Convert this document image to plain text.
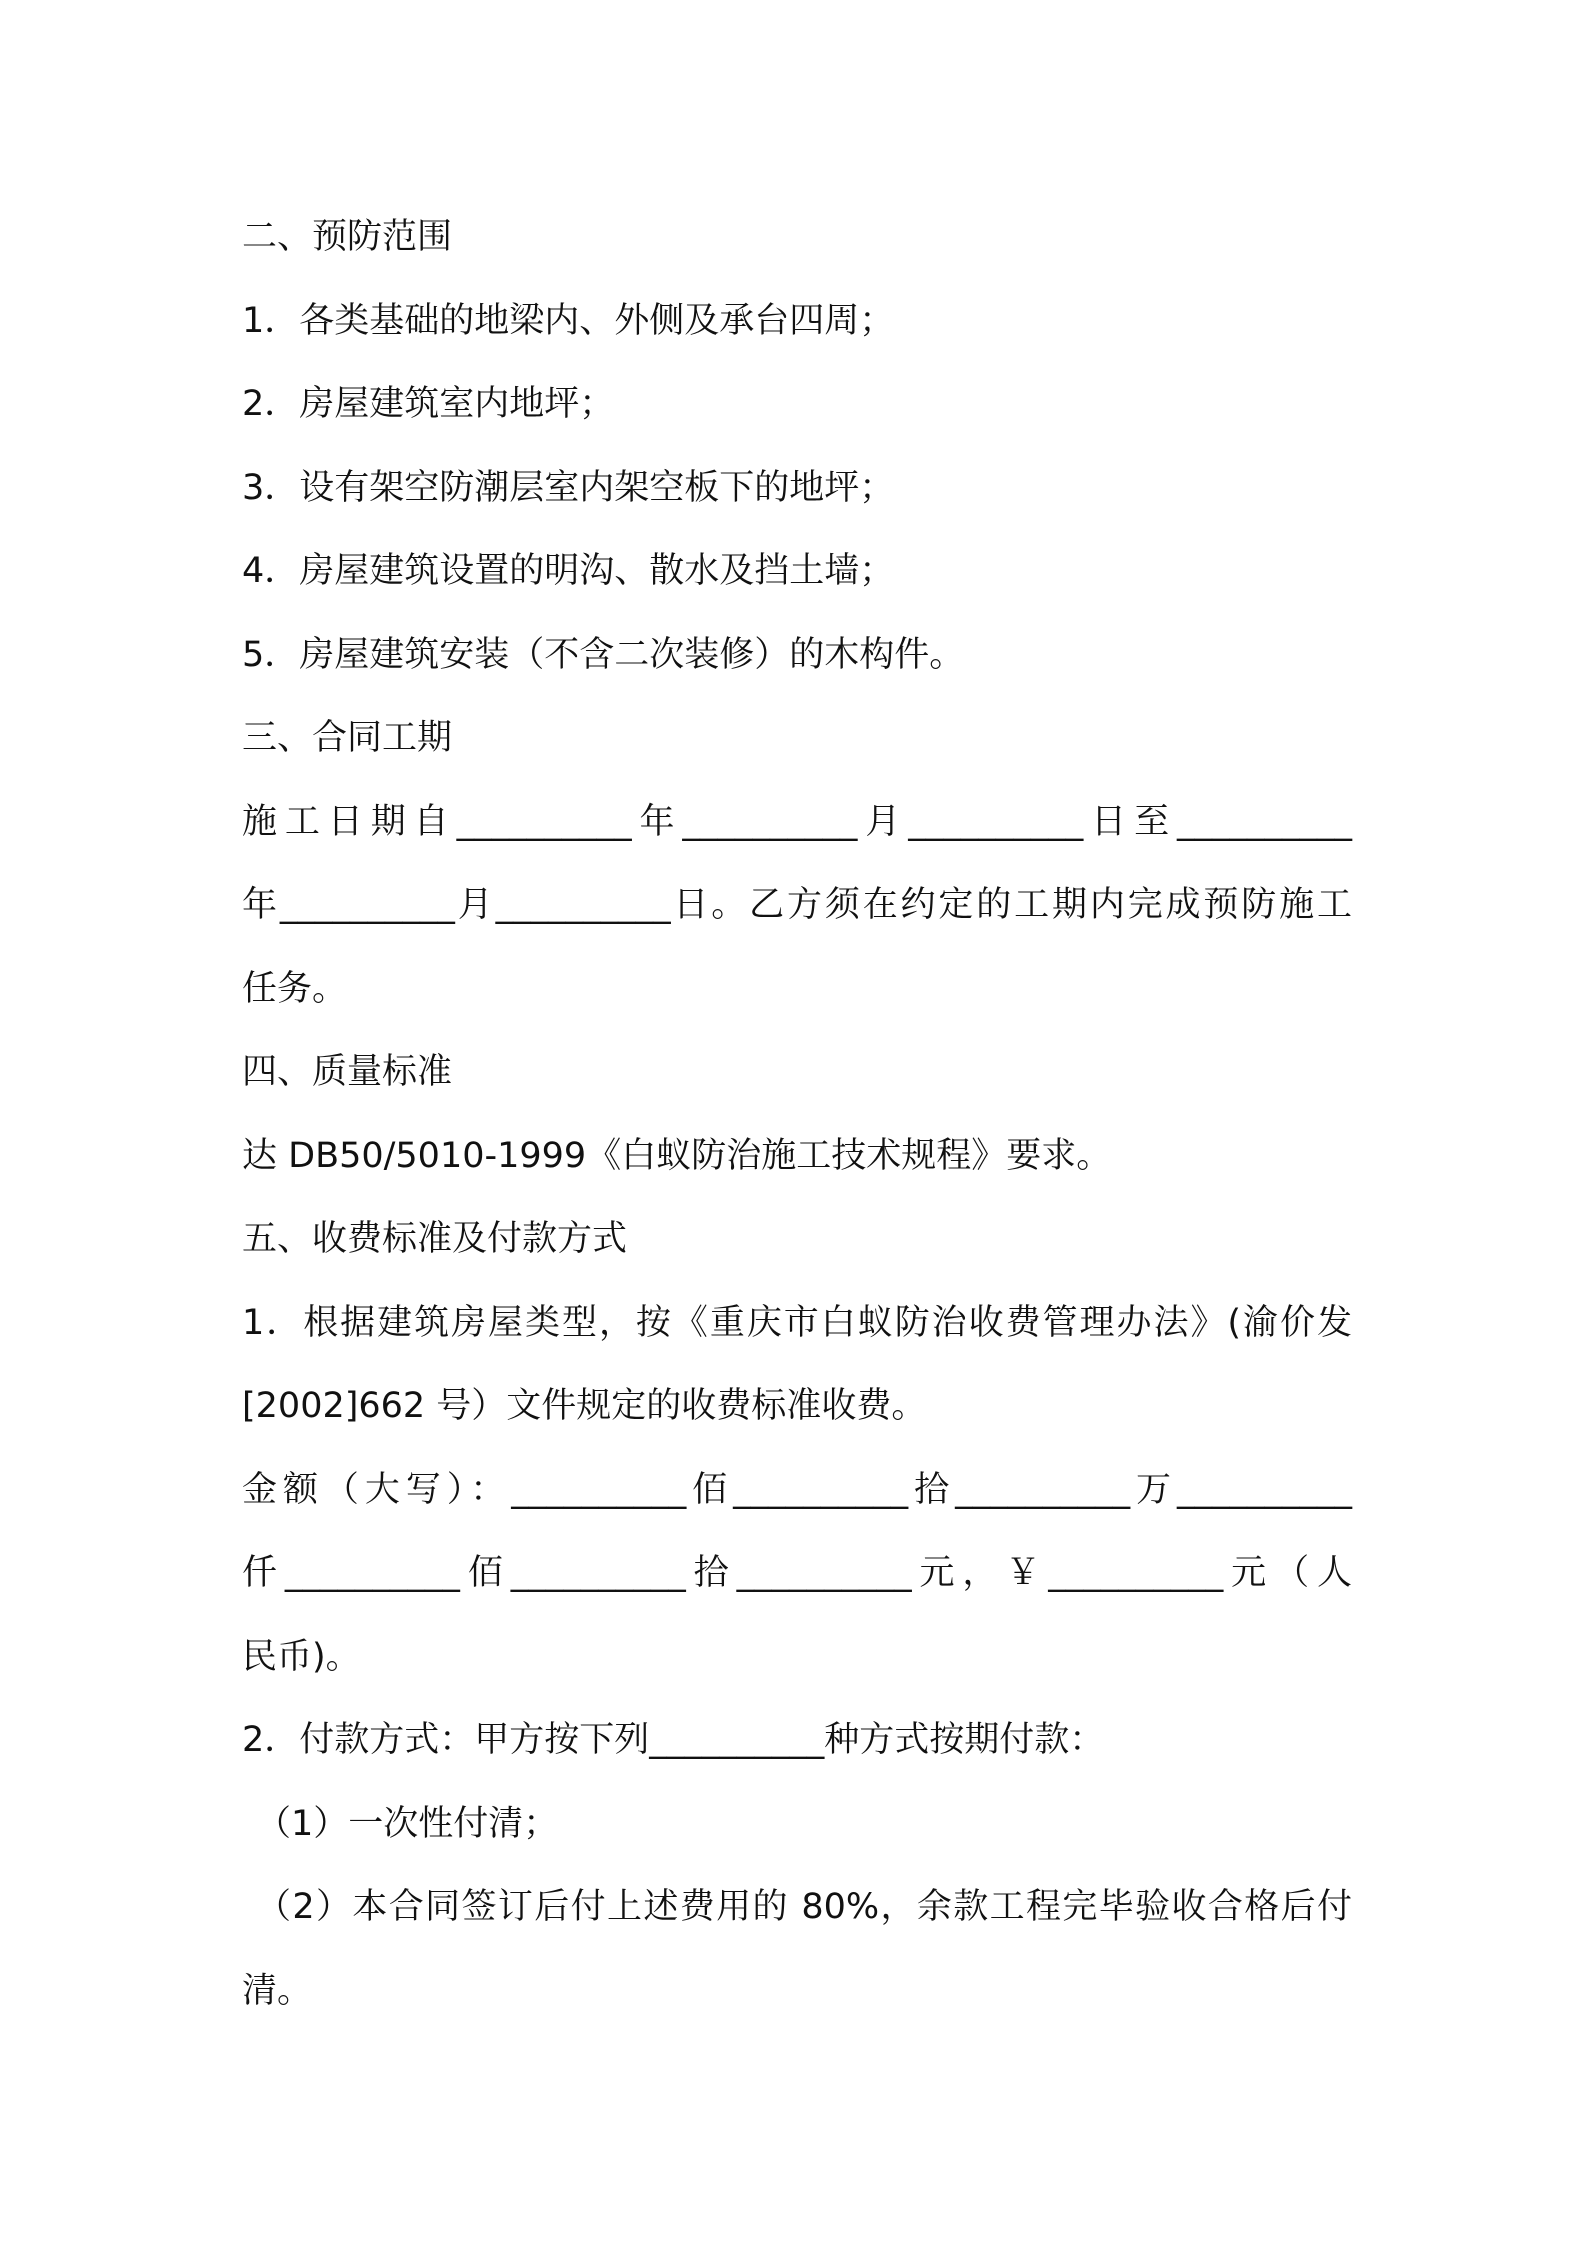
二、预防范围
1．各类基础的地梁内、外侧及承台四周；
2．房屋建筑室内地坪；
3．设有架空防潮层室内架空板下的地坪；
4．房屋建筑设置的明沟、散水及挡土墙；
5．房屋建筑安装（不含二次装修）的木构件。
三、合同工期
施工日期自__________年__________月__________日至__________
年__________月__________日。乙方须在约定的工期内完成预防施工
任务。
四、质量标准
达 DB50/5010-1999《白蚁防治施工技术规程》要求。
五、收费标准及付款方式
1．根据建筑房屋类型，按《重庆市白蚁防治收费管理办法》(渝价发
[2002]662 号）文件规定的收费标准收费。
金额（大写）：__________佰__________拾__________万__________
仟__________佰__________拾__________元，￥__________元（人
民币)。
2．付款方式：甲方按下列__________种方式按期付款：
（1）一次性付清；
（2）本合同签订后付上述费用的 80%，余款工程完毕验收合格后付
清。
